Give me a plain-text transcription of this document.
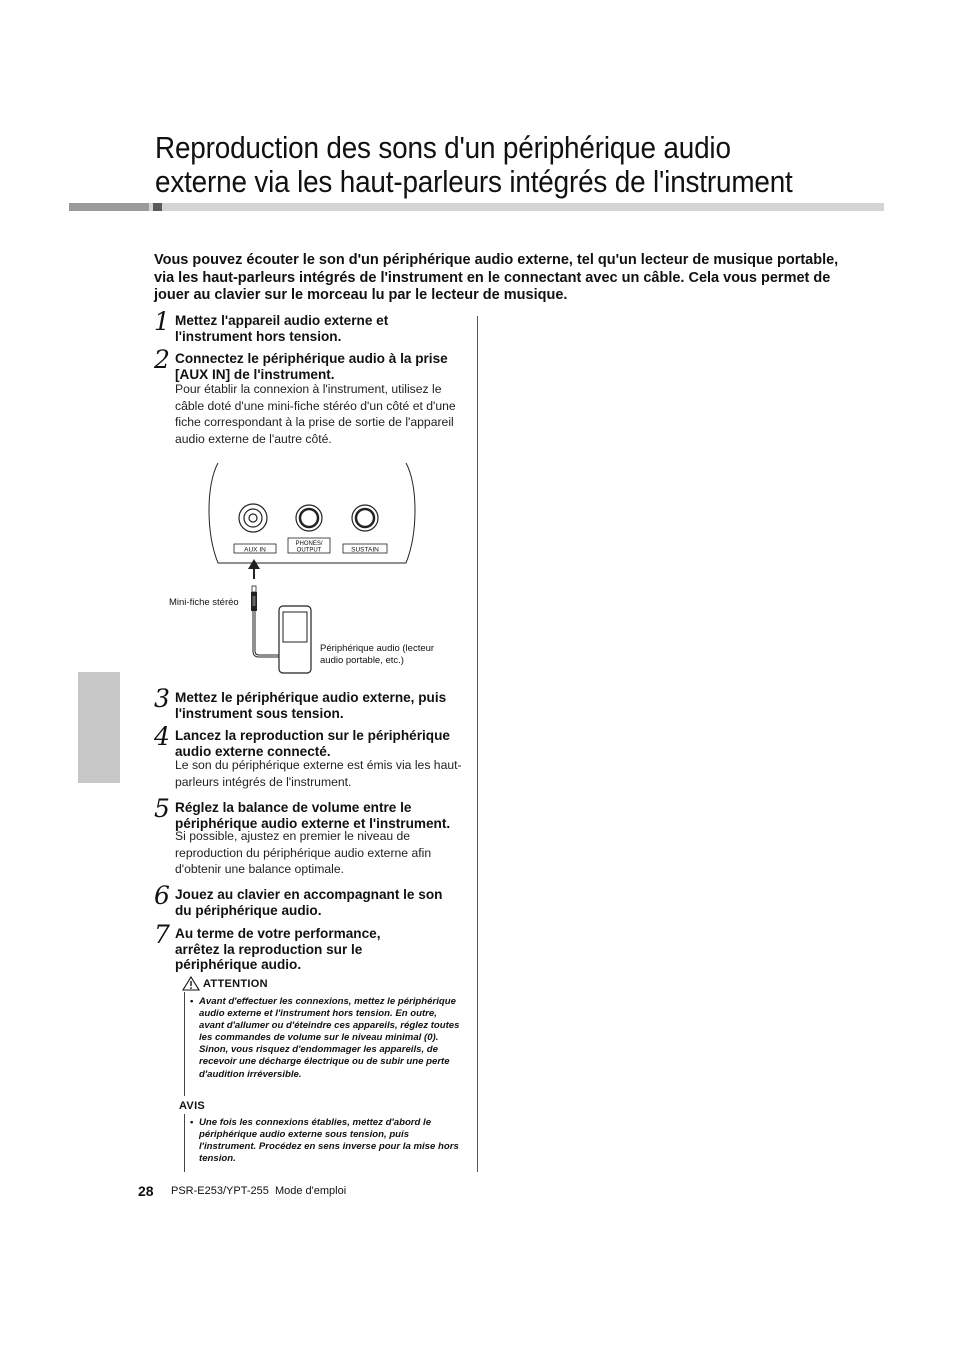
Reproduction des sons d'un périphérique audio
externe via les haut-parleurs intégrés de l'instrument
Vous pouvez écouter le son d'un périphérique audio externe, tel qu'un lecteur de musique portable, via les haut-parleurs intégrés de l'instrument en le connectant avec un câble. Cela vous permet de jouer au clavier sur le morceau lu par le lecteur de musique.
1 Mettez l'appareil audio externe et l'instrument hors tension.
2 Connectez le périphérique audio à la prise [AUX IN] de l'instrument.
Pour établir la connexion à l'instrument, utilisez le câble doté d'une mini-fiche stéréo d'un côté et d'une fiche correspondant à la prise de sortie de l'appareil audio externe de l'autre côté.
AUX IN
PHONES/
OUTPUT	SUSTAIN
Mini-fiche stéréo
Périphérique audio (lecteur
audio portable, etc.)
3 Mettez le périphérique audio externe, puis l'instrument sous tension.
4 Lancez la reproduction sur le périphérique audio externe connecté.
Le son du périphérique externe est émis via les haut-parleurs intégrés de l'instrument.
5 Réglez la balance de volume entre le périphérique audio externe et l'instrument.
Si possible, ajustez en premier le niveau de reproduction du périphérique audio externe afin d'obtenir une balance optimale.
6 Jouez au clavier en accompagnant le son du périphérique audio.
7 Au terme de votre performance, arrêtez la reproduction sur le périphérique audio.
ATTENTION
• Avant d'effectuer les connexions, mettez le périphérique audio externe et l'instrument hors tension. En outre, avant d'allumer ou d'éteindre ces appareils, réglez toutes les commandes de volume sur le niveau minimal (0). Sinon, vous risquez d'endommager les appareils, de recevoir une décharge électrique ou de subir une perte d'audition irréversible.
AVIS
• Une fois les connexions établies, mettez d'abord le périphérique audio externe sous tension, puis l'instrument. Procédez en sens inverse pour la mise hors tension.
28 PSR-E253/YPT-255  Mode d'emploi
